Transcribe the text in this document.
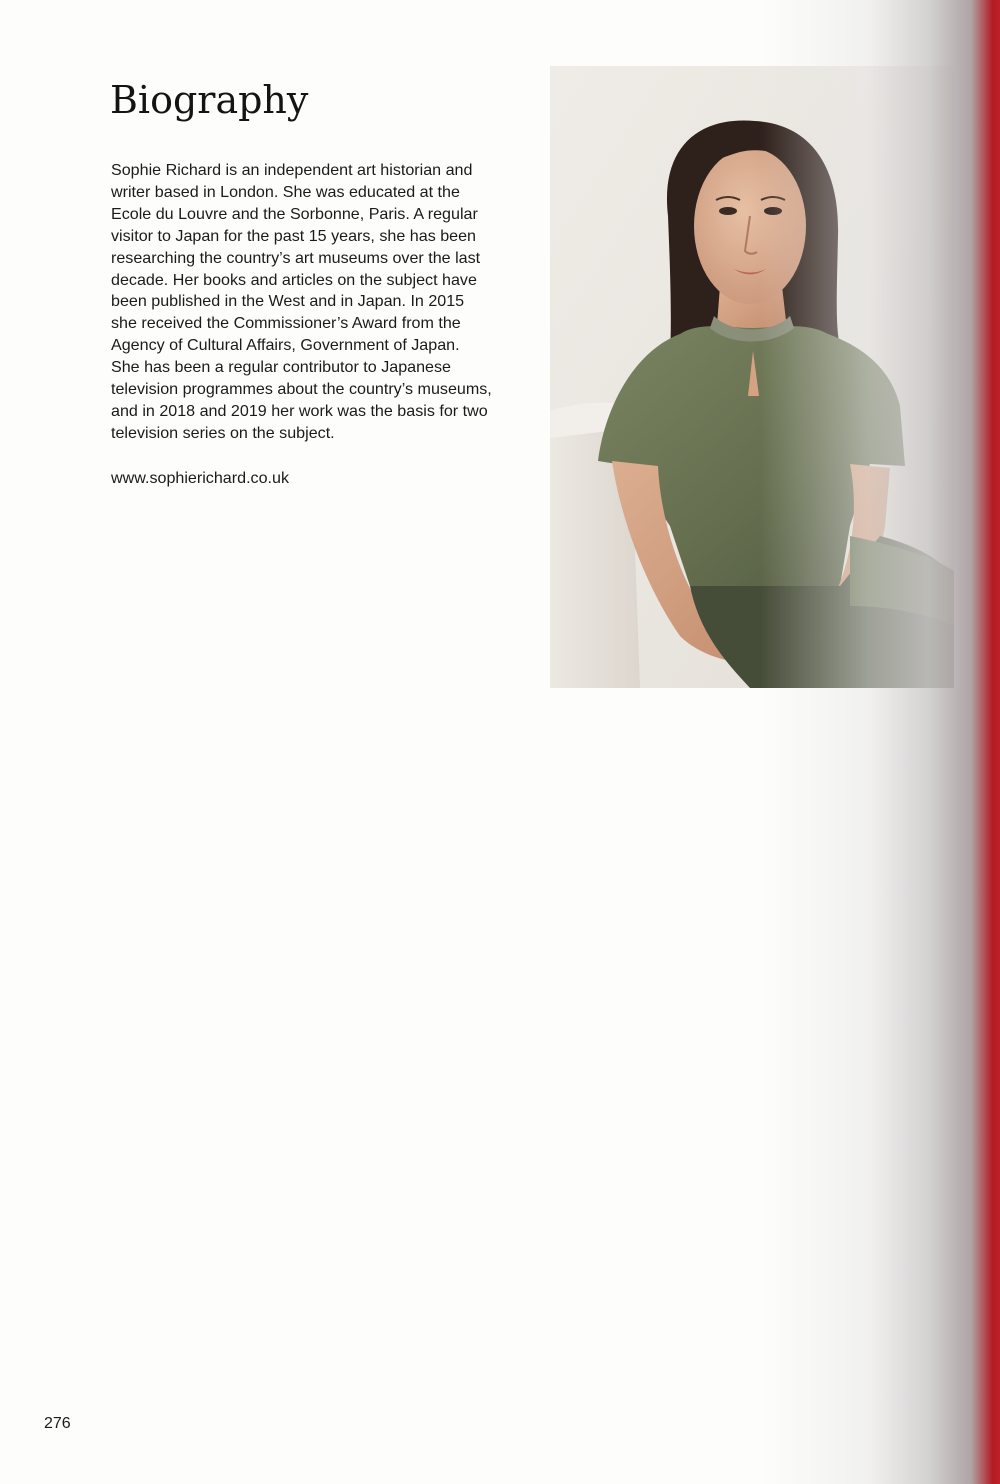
Biography
Sophie Richard is an independent art historian and
writer based in London. She was educated at the
Ecole du Louvre and the Sorbonne, Paris. A regular
visitor to Japan for the past 15 years, she has been
researching the country’s art museums over the last
decade. Her books and articles on the subject have
been published in the West and in Japan. In 2015
she received the Commissioner’s Award from the
Agency of Cultural Affairs, Government of Japan.
She has been a regular contributor to Japanese
television programmes about the country’s museums,
and in 2018 and 2019 her work was the basis for two
television series on the subject.

www.sophierichard.co.uk

276
